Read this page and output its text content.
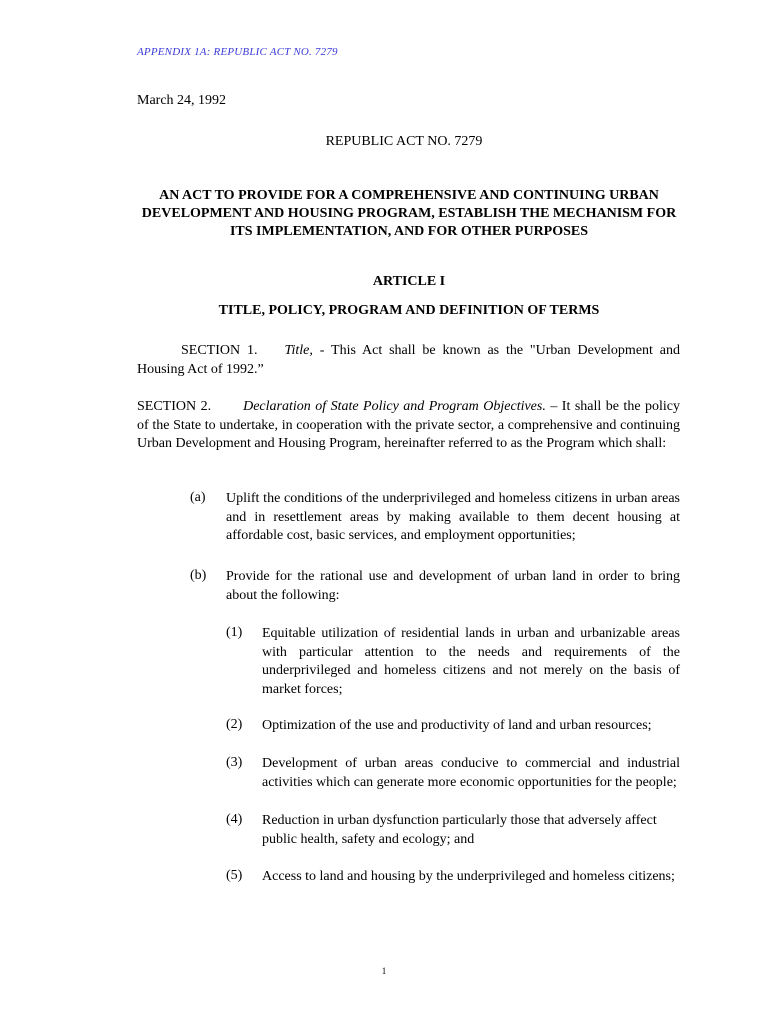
APPENDIX 1A: REPUBLIC ACT NO. 7279
March 24, 1992
REPUBLIC ACT NO. 7279
AN ACT TO PROVIDE FOR A COMPREHENSIVE AND CONTINUING URBAN DEVELOPMENT AND HOUSING PROGRAM, ESTABLISH THE MECHANISM FOR ITS IMPLEMENTATION, AND FOR OTHER PURPOSES
ARTICLE I
TITLE, POLICY, PROGRAM AND DEFINITION OF TERMS
SECTION 1. Title, - This Act shall be known as the "Urban Development and Housing Act of 1992.”
SECTION 2. Declaration of State Policy and Program Objectives. – It shall be the policy of the State to undertake, in cooperation with the private sector, a comprehensive and continuing Urban Development and Housing Program, hereinafter referred to as the Program which shall:
(a) Uplift the conditions of the underprivileged and homeless citizens in urban areas and in resettlement areas by making available to them decent housing at affordable cost, basic services, and employment opportunities;
(b) Provide for the rational use and development of urban land in order to bring about the following:
(1) Equitable utilization of residential lands in urban and urbanizable areas with particular attention to the needs and requirements of the underprivileged and homeless citizens and not merely on the basis of market forces;
(2) Optimization of the use and productivity of land and urban resources;
(3) Development of urban areas conducive to commercial and industrial activities which can generate more economic opportunities for the people;
(4) Reduction in urban dysfunction particularly those that adversely affect public health, safety and ecology; and
(5) Access to land and housing by the underprivileged and homeless citizens;
1
